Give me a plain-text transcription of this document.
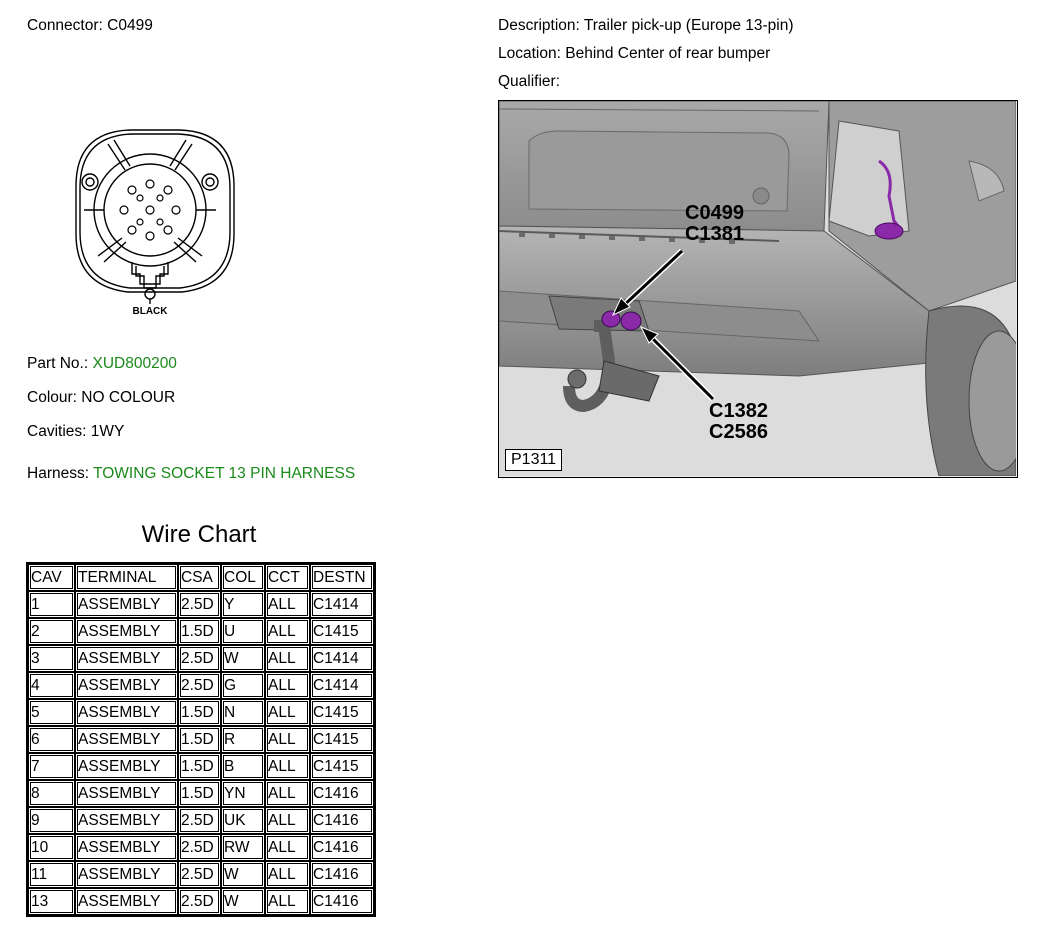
Connector: C0499	Description: Trailer pick-up (Europe 13-pin)
Location: Behind Center of rear bumper
Qualifier:
BLACK
Part No.: XUD800200
Colour: NO COLOUR
Cavities: 1WY
Harness: TOWING SOCKET 13 PIN HARNESS
C0499
C1381
C1382
C2586
P1311
Wire Chart
CAV	TERMINAL	CSA	COL	CCT	DESTN
1	ASSEMBLY	2.5D	Y	ALL	C1414
2	ASSEMBLY	1.5D	U	ALL	C1415
3	ASSEMBLY	2.5D	W	ALL	C1414
4	ASSEMBLY	2.5D	G	ALL	C1414
5	ASSEMBLY	1.5D	N	ALL	C1415
6	ASSEMBLY	1.5D	R	ALL	C1415
7	ASSEMBLY	1.5D	B	ALL	C1415
8	ASSEMBLY	1.5D	YN	ALL	C1416
9	ASSEMBLY	2.5D	UK	ALL	C1416
10	ASSEMBLY	2.5D	RW	ALL	C1416
11	ASSEMBLY	2.5D	W	ALL	C1416
13	ASSEMBLY	2.5D	W	ALL	C1416
